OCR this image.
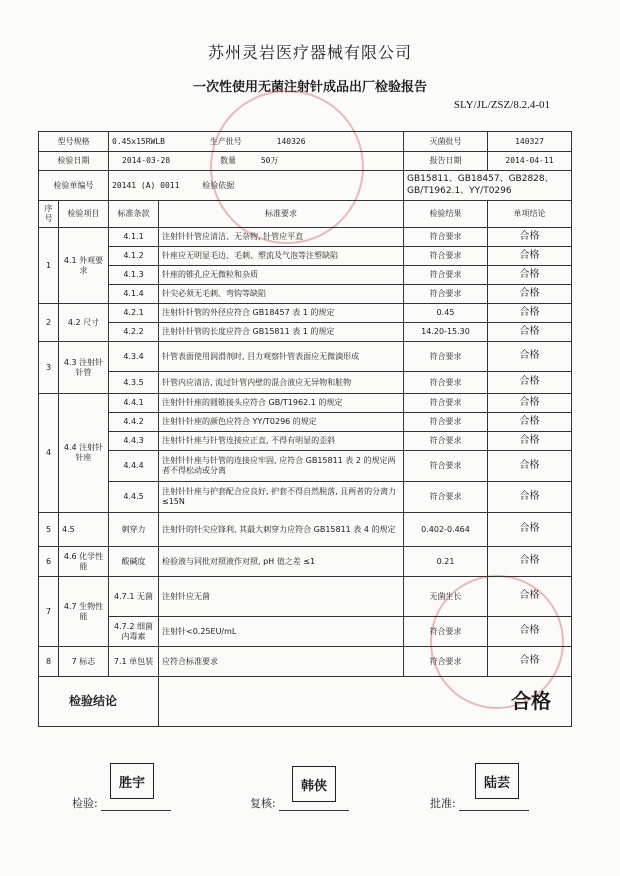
苏州灵岩医疗器械有限公司
一次性使用无菌注射针成品出厂检验报告
SLY/JL/ZSZ/8.2.4-01
型号规格		0.45x15RWLB 生产批号 140326		灭菌批号	140327
检验日期		2014-03-28 数量 50万		报告日期	2014-04-11
检验单编号		20141 (A) 0011 检验依据		GB15811、GB18457、GB2828、GB/T1962.1、YY/T0296	
序号	检验项目	标准条款	标准要求	检验结果	单项结论
1	4.1 外观要求	4.1.1	注射针针管应清洁、无杂物, 针管应平直	符合要求	合格
		4.1.2	针座应无明显毛边、毛刺、塑流及气泡等注塑缺陷	符合要求	合格
		4.1.3	针座的锥孔应无微粒和杂质	符合要求	合格
		4.1.4	针尖必须无毛刺、弯钩等缺陷	符合要求	合格
2	4.2 尺寸	4.2.1	注射针针管的外径应符合 GB18457 表 1 的规定	0.45	合格
		4.2.2	注射针针管的长度应符合 GB15811 表 1 的规定	14.20-15.30	合格
3	4.3 注射针针管	4.3.4	针管表面使用润滑剂时, 目力观察针管表面应无微滴形成	符合要求	合格
		4.3.5	针管内应清洁, 流过针管内壁的混合液应无异物和脏物	符合要求	合格
4	4.4 注射针针座	4.4.1	注射针针座的圆锥接头应符合 GB/T1962.1 的规定	符合要求	合格
		4.4.2	注射针针座的颜色应符合 YY/T0296 的规定	符合要求	合格
		4.4.3	注射针针座与针管连接应正直, 不得有明显的歪斜	符合要求	合格
		4.4.4	注射针针座与针管的连接应牢固, 应符合 GB15811 表 2 的规定两者不得松动或分离	符合要求	合格
		4.4.5	注射针针座与护套配合应良好, 护套不得自然脱落, 且两者的分离力≤15N	符合要求	合格
5	4.5	刺穿力	注射针的针尖应锋利, 其最大刺穿力应符合 GB15811 表 4 的规定	0.402-0.464	合格
6	4.6 化学性能	酸碱度	检验液与同批对照液作对照, pH 值之差 ≤1	0.21	合格
7	4.7 生物性能	4.7.1 无菌	注射针应无菌	无菌生长	合格
		4.7.2 细菌内毒素	注射针<0.25EU/mL	符合要求	合格
8	7 标志	7.1 单包装	应符合标准要求	符合要求	合格
检验结论			合格		
胜宇	韩侠	陆芸
检验:	复核:	批准:
